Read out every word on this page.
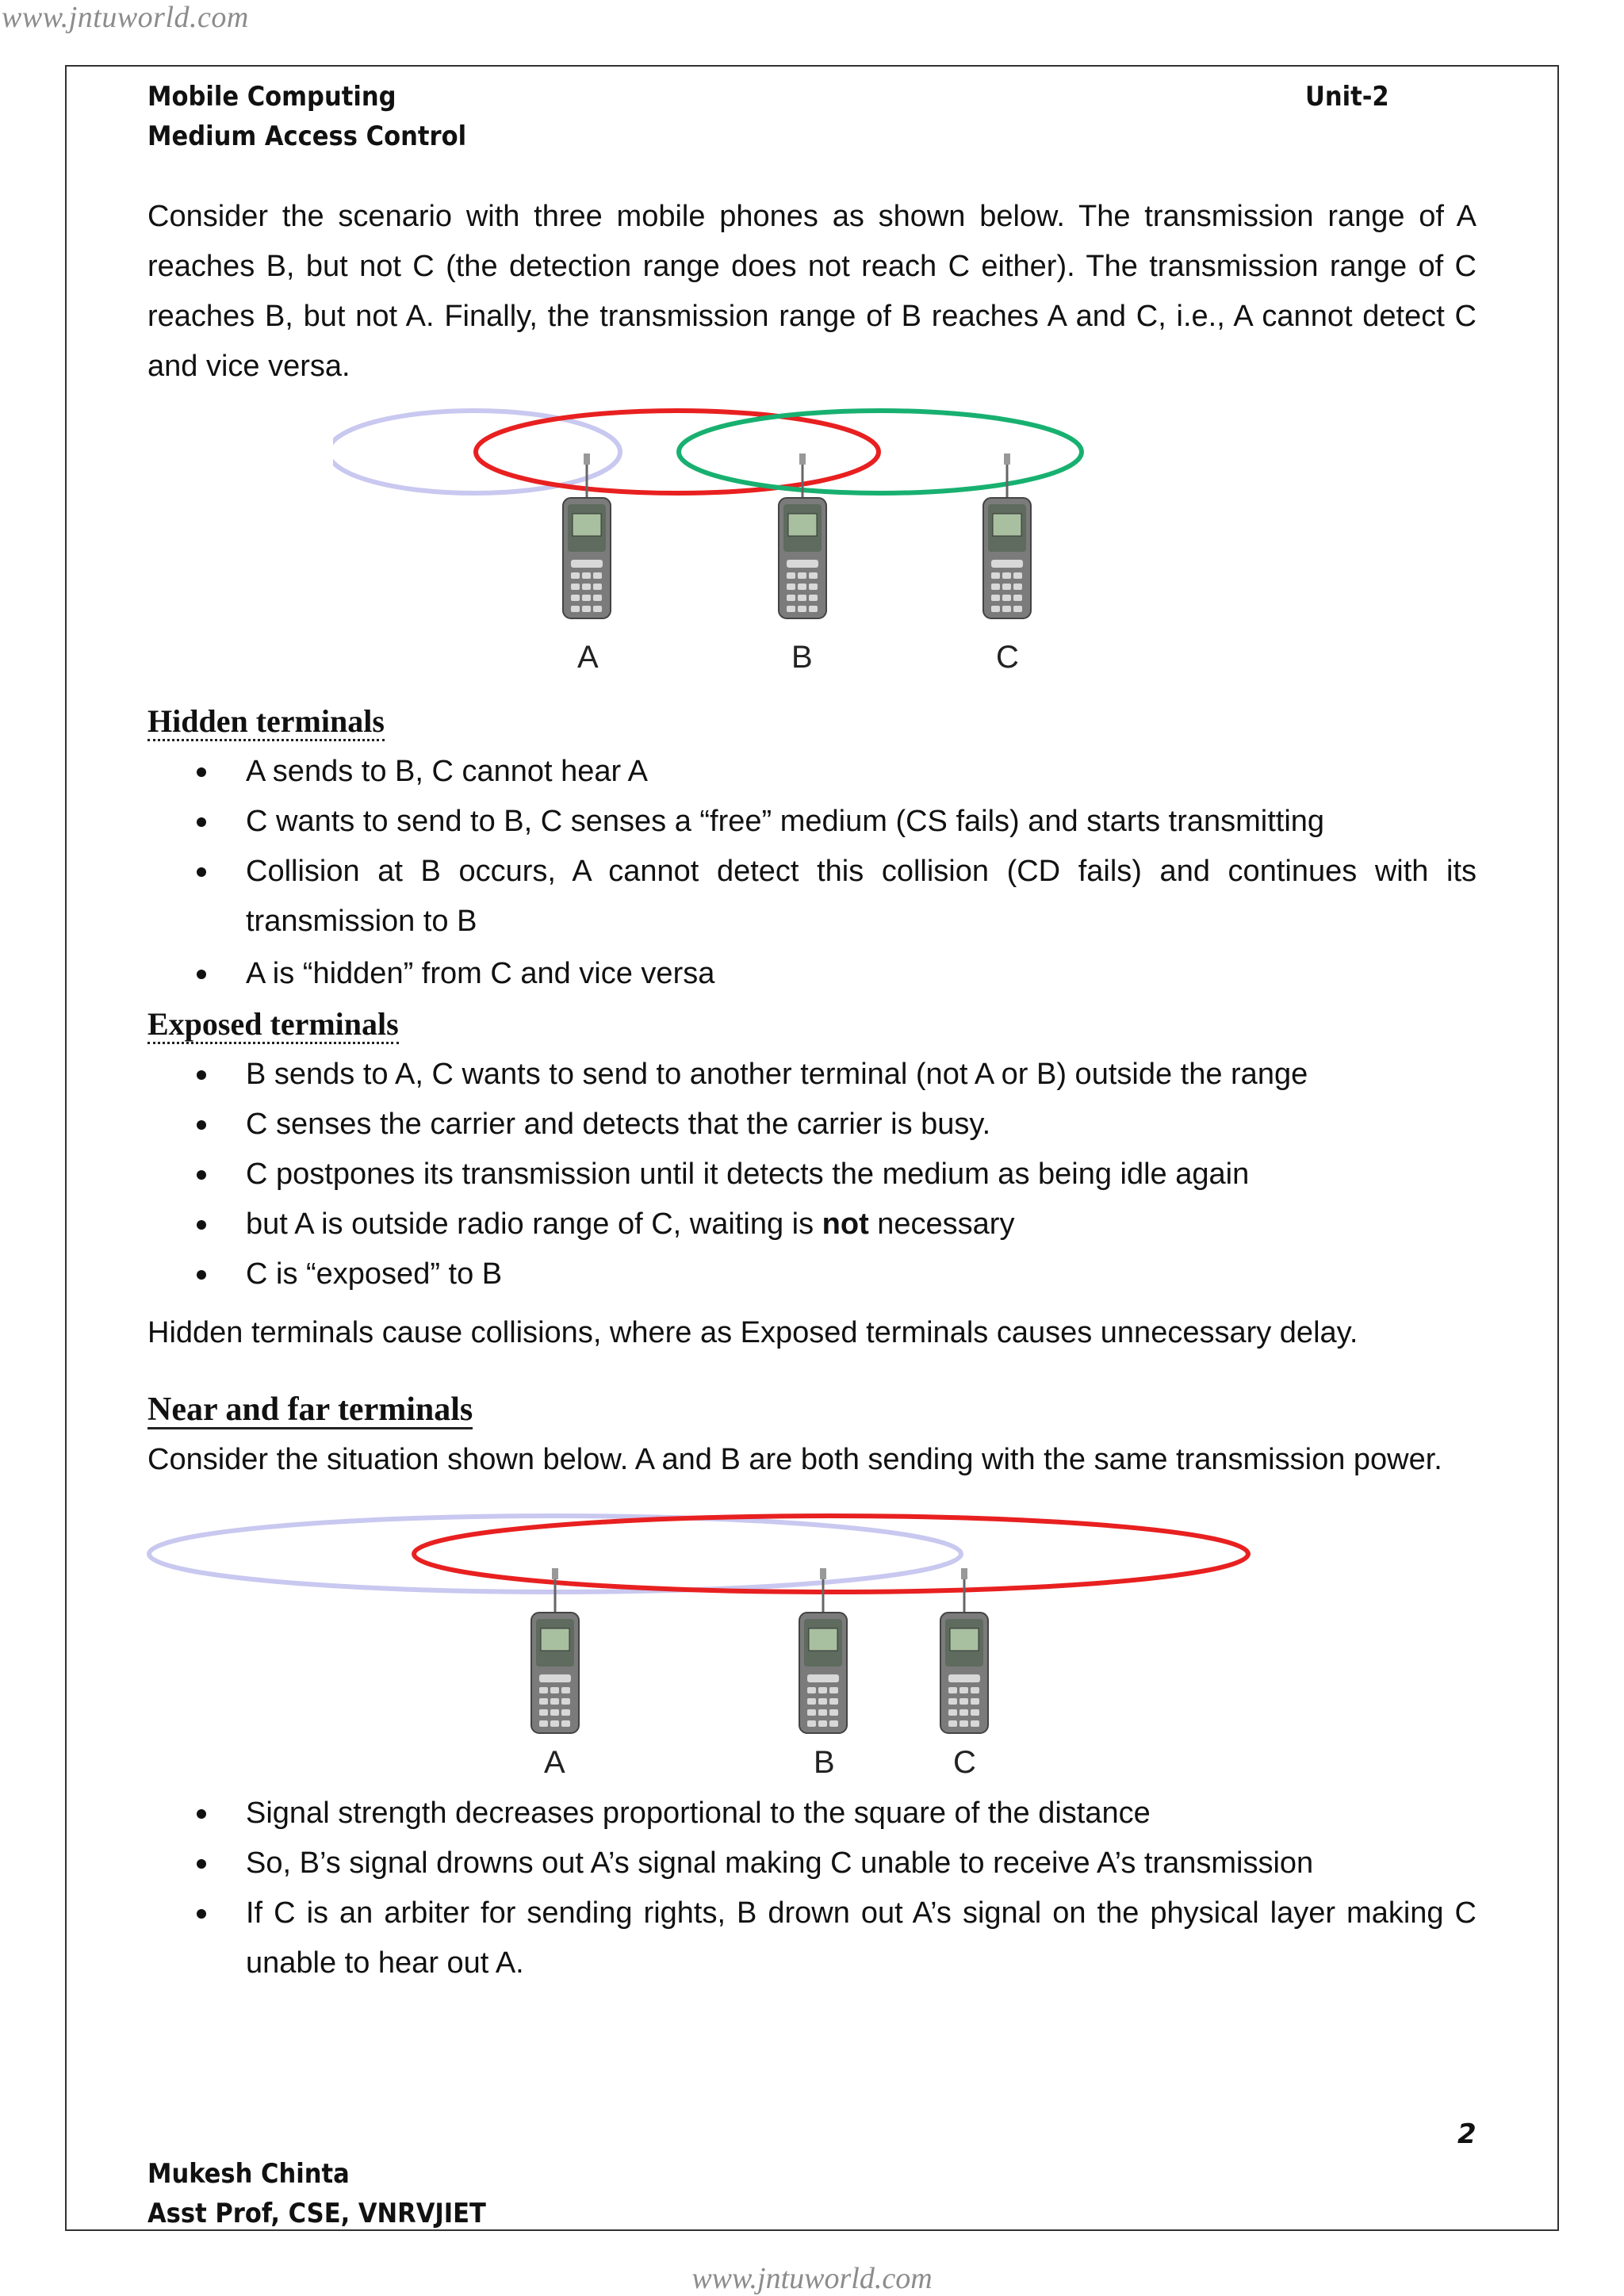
www.jntuworld.com
Mobile Computing	Unit-2
Medium Access Control
Consider the scenario with three mobile phones as shown below. The transmission range of A reaches B, but not C (the detection range does not reach C either). The transmission range of C reaches B, but not A. Finally, the transmission range of B reaches A and C, i.e., A cannot detect C and vice versa.
A	B	C
Hidden terminals
A sends to B, C cannot hear A
C wants to send to B, C senses a “free” medium (CS fails) and starts transmitting
Collision at B occurs, A cannot detect this collision (CD fails) and continues with its transmission to B
A is “hidden” from C and vice versa
Exposed terminals
B sends to A, C wants to send to another terminal (not A or B) outside the range
C senses the carrier and detects that the carrier is busy.
C postpones its transmission until it detects the medium as being idle again
but A is outside radio range of C, waiting is not necessary
C is “exposed” to B
Hidden terminals cause collisions, where as Exposed terminals causes unnecessary delay.
Near and far terminals
Consider the situation shown below. A and B are both sending with the same transmission power.
A	B	C
Signal strength decreases proportional to the square of the distance
So, B’s signal drowns out A’s signal making C unable to receive A’s transmission
If C is an arbiter for sending rights, B drown out A’s signal on the physical layer making C unable to hear out A.
2
Mukesh Chinta
Asst Prof, CSE, VNRVJIET
www.jntuworld.com
